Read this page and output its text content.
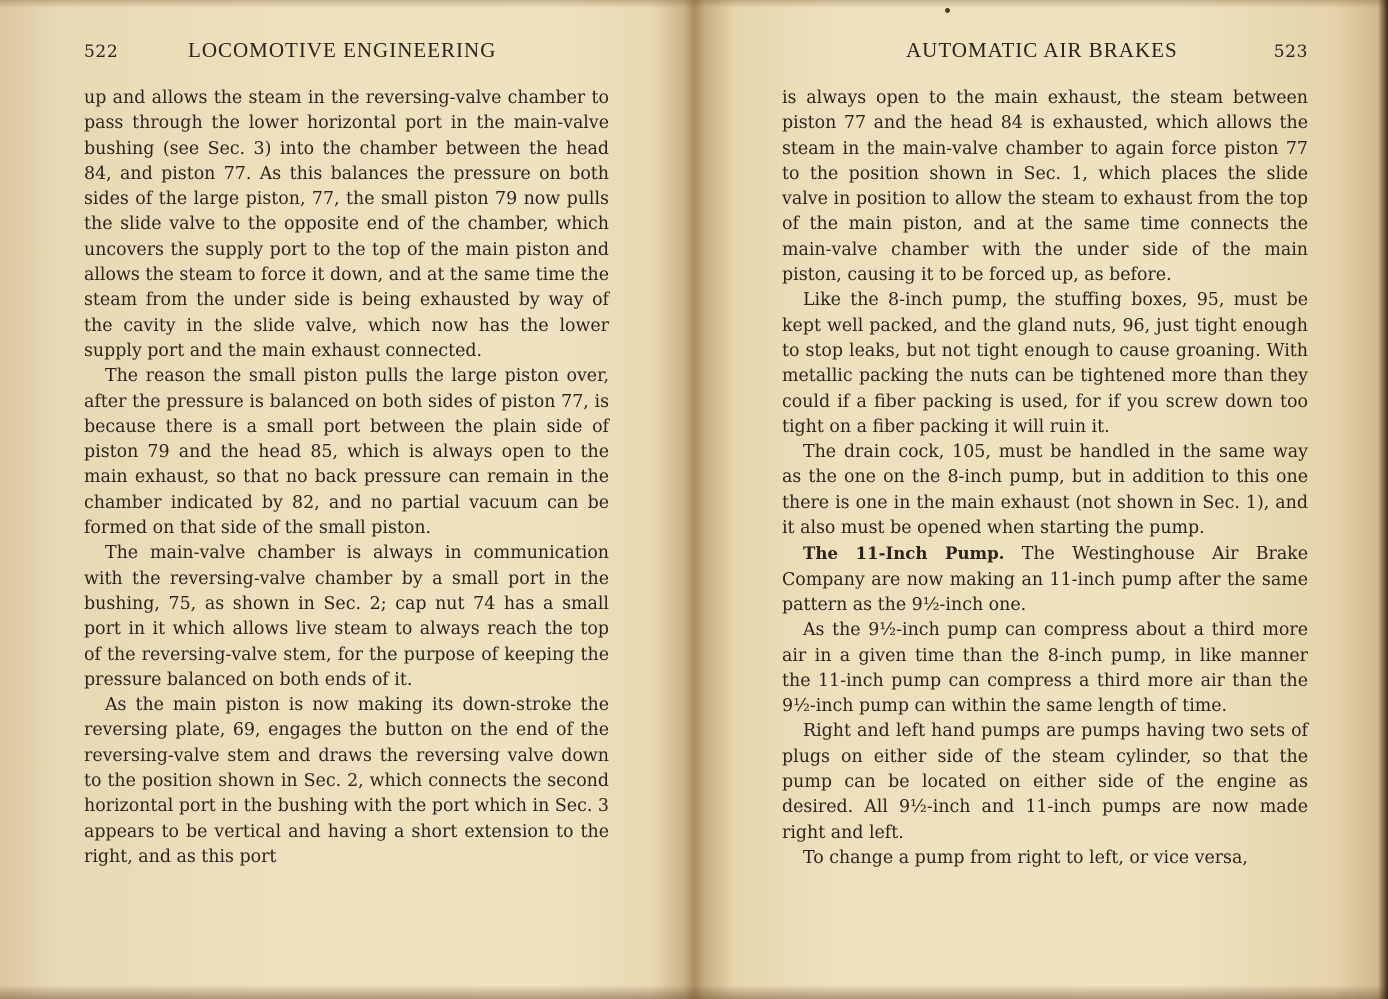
522	LOCOMOTIVE ENGINEERING

up and allows the steam in the reversing-valve chamber to pass through the lower horizontal port in the main-valve bushing (see Sec. 3) into the chamber between the head 84, and piston 77. As this balances the pressure on both sides of the large piston, 77, the small piston 79 now pulls the slide valve to the opposite end of the chamber, which uncovers the supply port to the top of the main piston and allows the steam to force it down, and at the same time the steam from the under side is being exhausted by way of the cavity in the slide valve, which now has the lower supply port and the main exhaust connected.

The reason the small piston pulls the large piston over, after the pressure is balanced on both sides of piston 77, is because there is a small port between the plain side of piston 79 and the head 85, which is always open to the main exhaust, so that no back pressure can remain in the chamber indicated by 82, and no partial vacuum can be formed on that side of the small piston.

The main-valve chamber is always in communication with the reversing-valve chamber by a small port in the bushing, 75, as shown in Sec. 2; cap nut 74 has a small port in it which allows live steam to always reach the top of the reversing-valve stem, for the purpose of keeping the pressure balanced on both ends of it.

As the main piston is now making its down-stroke the reversing plate, 69, engages the button on the end of the reversing-valve stem and draws the reversing valve down to the position shown in Sec. 2, which connects the second horizontal port in the bushing with the port which in Sec. 3 appears to be vertical and having a short extension to the right, and as this port

AUTOMATIC AIR BRAKES	523

is always open to the main exhaust, the steam between piston 77 and the head 84 is exhausted, which allows the steam in the main-valve chamber to again force piston 77 to the position shown in Sec. 1, which places the slide valve in position to allow the steam to exhaust from the top of the main piston, and at the same time connects the main-valve chamber with the under side of the main piston, causing it to be forced up, as before.

Like the 8-inch pump, the stuffing boxes, 95, must be kept well packed, and the gland nuts, 96, just tight enough to stop leaks, but not tight enough to cause groaning. With metallic packing the nuts can be tightened more than they could if a fiber packing is used, for if you screw down too tight on a fiber packing it will ruin it.

The drain cock, 105, must be handled in the same way as the one on the 8-inch pump, but in addition to this one there is one in the main exhaust (not shown in Sec. 1), and it also must be opened when starting the pump.

The 11-Inch Pump. The Westinghouse Air Brake Company are now making an 11-inch pump after the same pattern as the 9½-inch one.

As the 9½-inch pump can compress about a third more air in a given time than the 8-inch pump, in like manner the 11-inch pump can compress a third more air than the 9½-inch pump can within the same length of time.

Right and left hand pumps are pumps having two sets of plugs on either side of the steam cylinder, so that the pump can be located on either side of the engine as desired. All 9½-inch and 11-inch pumps are now made right and left.

To change a pump from right to left, or vice versa,
